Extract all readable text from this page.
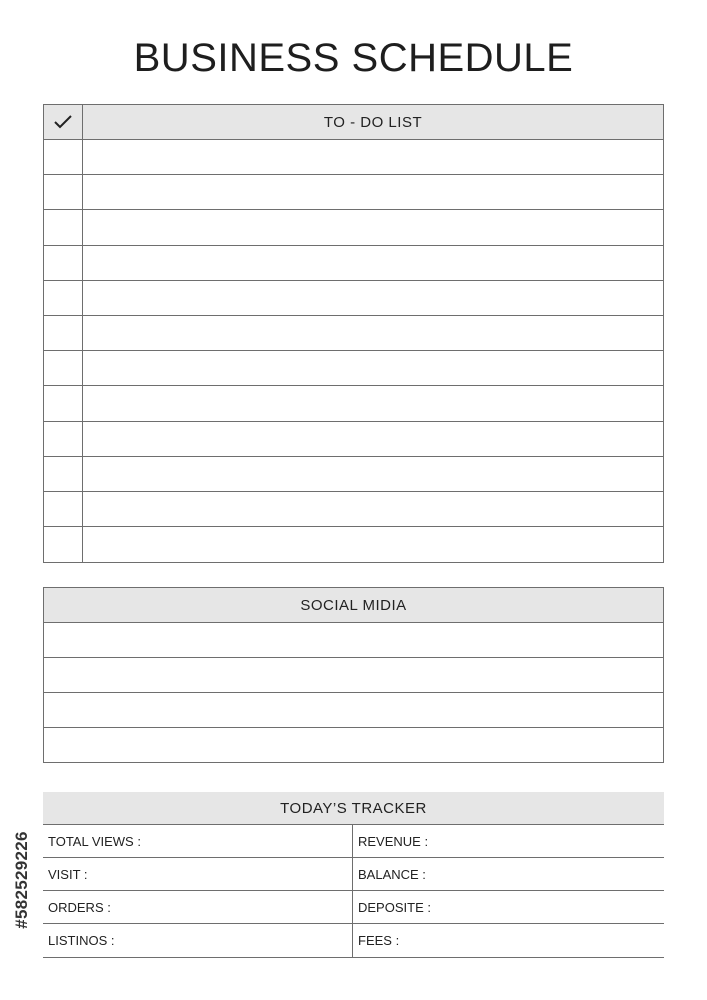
BUSINESS SCHEDULE
TO - DO LIST
SOCIAL MIDIA
TODAY’S TRACKER
TOTAL VIEWS :	REVENUE :
VISIT :	BALANCE :
ORDERS :	DEPOSITE :
LISTINOS :	FEES :
#582529226
